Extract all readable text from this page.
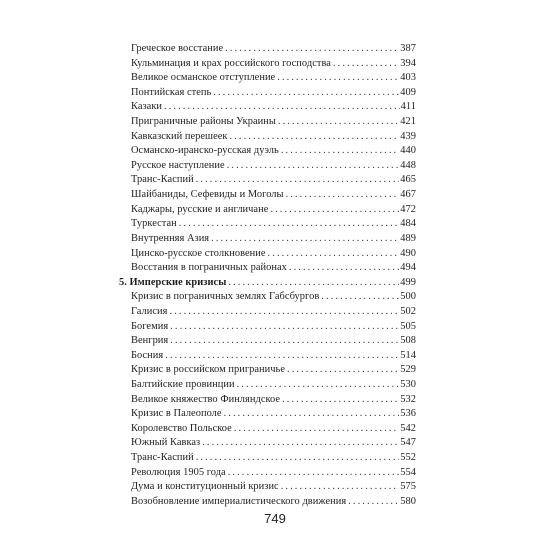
Греческое восстание . . .	387
Кульминация и крах российского господства . . .	394
Великое османское отступление . . .	403
Понтийская степь . . .	409
Казаки . . .	411
Приграничные районы Украины . . .	421
Кавказский перешеек . . .	439
Османско-иранско-русская дуэль . . .	440
Русское наступление . . .	448
Транс-Каспий . . .	465
Шайбаниды, Сефевиды и Моголы . . .	467
Каджары, русские и англичане . . .	472
Туркестан . . .	484
Внутренняя Азия . . .	489
Цинско-русское столкновение . . .	490
Восстания в пограничных районах . . .	494
5. Имперские кризисы . . .	499
Кризис в пограничных землях Габсбургов . . .	500
Галисия . . .	502
Богемия . . .	505
Венгрия . . .	508
Босния . . .	514
Кризис в российском приграничье . . .	529
Балтийские провинции . . .	530
Великое княжество Финляндское . . .	532
Кризис в Палеополе . . .	536
Королевство Польское . . .	542
Южный Кавказ . . .	547
Транс-Каспий . . .	552
Революция 1905 года . . .	554
Дума и конституционный кризис . . .	575
Возобновление империалистического движения . . .	580
749
